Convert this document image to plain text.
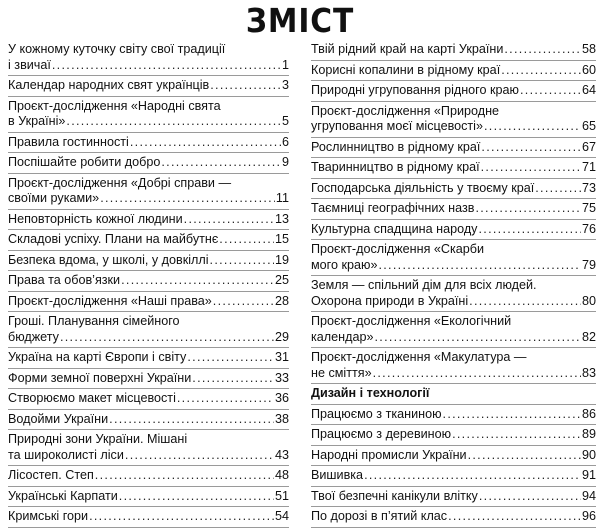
ЗМІСТ
У кожному куточку світу свої традиції
і звичаї .....	1
Календар народних свят українців .....	3
Проєкт-дослідження «Народні свята
в Україні» .....	5
Правила гостинності .....	6
Поспішайте робити добро .....	9
Проєкт-дослідження «Добрі справи —
своїми руками» .....	11
Неповторність кожної людини .....	13
Складові успіху. Плани на майбутнє .....	15
Безпека вдома, у школі, у довкіллі .....	19
Права та обов’язки .....	25
Проєкт-дослідження «Наші права» .....	28
Гроші. Планування сімейного
бюджету .....	29
Україна на карті Європи і світу .....	31
Форми земної поверхні України .....	33
Створюємо макет місцевості .....	36
Водойми України .....	38
Природні зони України. Мішані
та широколисті ліси .....	43
Лісостеп. Степ .....	48
Українські Карпати .....	51
Кримські гори .....	54
Твій рідний край на карті України .....	58
Корисні копалини в рідному краї .....	60
Природні угруповання рідного краю .....	64
Проєкт-дослідження «Природне
угруповання моєї місцевості» .....	65
Рослинництво в рідному краї .....	67
Тваринництво в рідному краї .....	71
Господарська діяльність у твоєму краї .....	73
Таємниці географічних назв .....	75
Культурна спадщина народу .....	76
Проєкт-дослідження «Скарби
мого краю» .....	79
Земля — спільний дім для всіх людей.
Охорона природи в Україні .....	80
Проєкт-дослідження «Екологічний
календар» .....	82
Проєкт-дослідження «Макулатура —
не сміття» .....	83
Дизайн і технології
Працюємо з тканиною .....	86
Працюємо з деревиною .....	89
Народні промисли України .....	90
Вишивка .....	91
Твої безпечні канікули влітку .....	94
По дорозі в п’ятий клас .....	96
